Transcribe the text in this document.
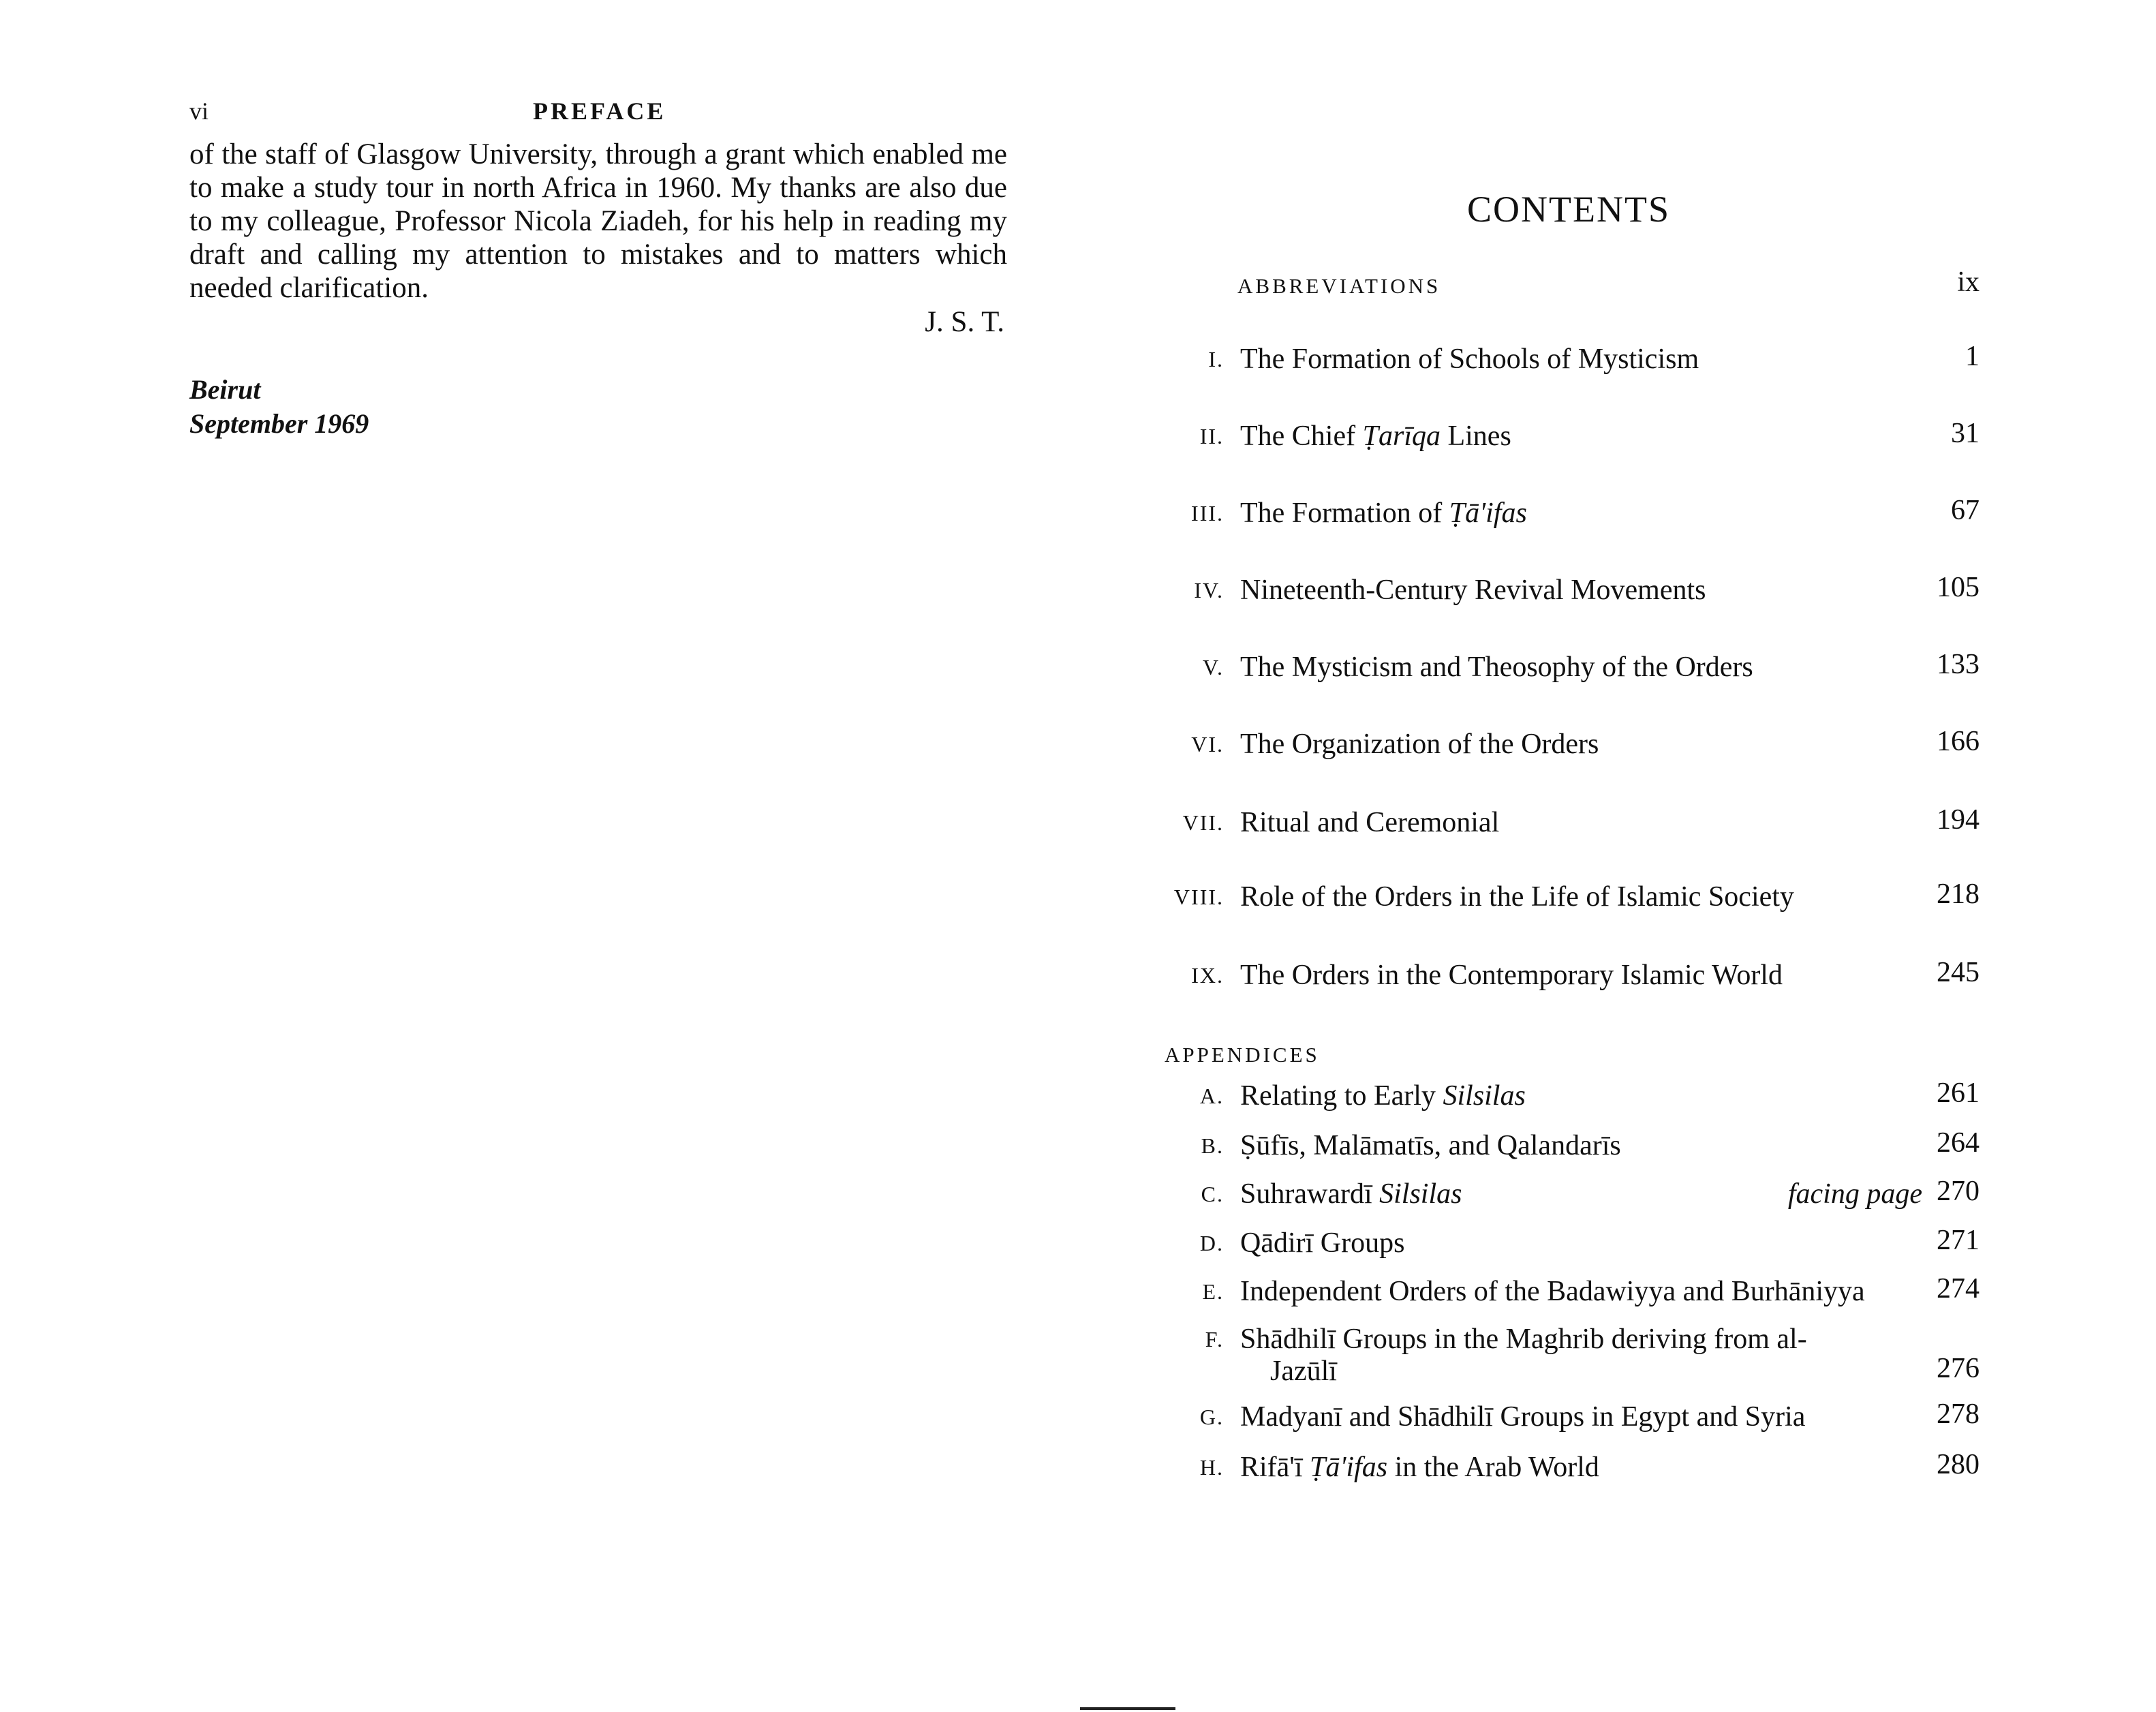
vi	PREFACE
of the staff of Glasgow University, through a grant which enabled me to make a study tour in north Africa in 1960. My thanks are also due to my colleague, Professor Nicola Ziadeh, for his help in reading my draft and calling my attention to mistakes and to matters which needed clarification.
J. S. T.
Beirut
September 1969
CONTENTS
ABBREVIATIONS	ix
APPENDICES
I. The Formation of Schools of Mysticism	1
II. The Chief Ṭarīqa Lines	31
III. The Formation of Ṭā'ifas	67
IV. Nineteenth-Century Revival Movements	105
V. The Mysticism and Theosophy of the Orders	133
VI. The Organization of the Orders	166
VII. Ritual and Ceremonial	194
VIII. Role of the Orders in the Life of Islamic Society	218
IX. The Orders in the Contemporary Islamic World	245
A. Relating to Early Silsilas	261
B. Ṣūfīs, Malāmatīs, and Qalandarīs	264
C. Suhrawardī Silsilas	facing page 270
D. Qādirī Groups	271
E. Independent Orders of the Badawiyya and Burhāniyya	274
F. Shādhilī Groups in the Maghrib deriving from al-
Jazūlī	276
G. Madyanī and Shādhilī Groups in Egypt and Syria	278
H. Rifā'ī Ṭā'ifas in the Arab World	280
